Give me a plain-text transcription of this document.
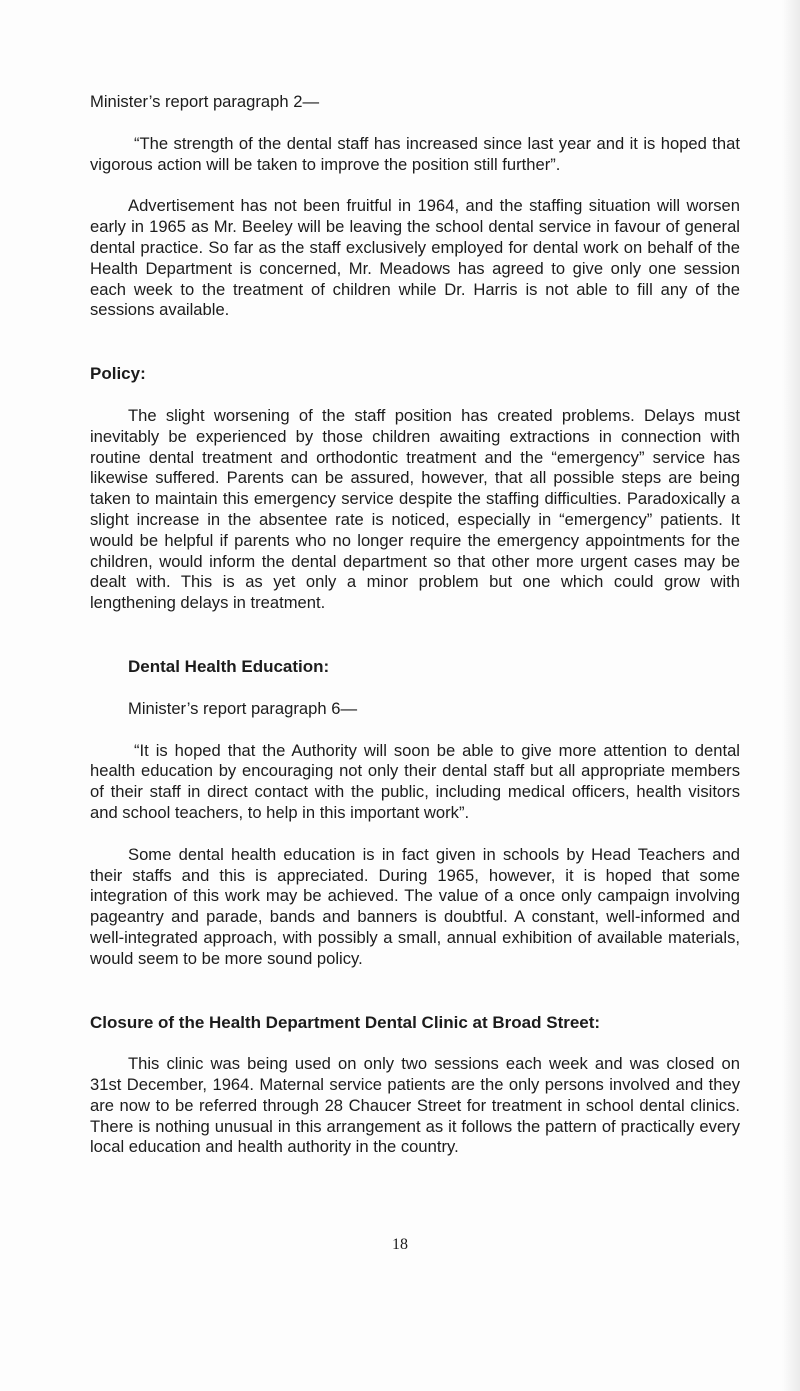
Minister’s report paragraph 2—

“The strength of the dental staff has increased since last year and it is hoped that vigorous action will be taken to improve the position still further”.

Advertisement has not been fruitful in 1964, and the staffing situation will worsen early in 1965 as Mr. Beeley will be leaving the school dental service in favour of general dental practice. So far as the staff exclusively employed for dental work on behalf of the Health Department is concerned, Mr. Meadows has agreed to give only one session each week to the treatment of children while Dr. Harris is not able to fill any of the sessions available.

Policy:

The slight worsening of the staff position has created problems. Delays must inevitably be experienced by those children awaiting extractions in connection with routine dental treatment and orthodontic treatment and the “emergency” service has likewise suffered. Parents can be assured, however, that all possible steps are being taken to maintain this emergency service despite the staffing difficulties. Paradoxically a slight increase in the absentee rate is noticed, especially in “emergency” patients. It would be helpful if parents who no longer require the emergency appointments for the children, would inform the dental department so that other more urgent cases may be dealt with. This is as yet only a minor problem but one which could grow with lengthening delays in treatment.

Dental Health Education:

Minister’s report paragraph 6—

“It is hoped that the Authority will soon be able to give more attention to dental health education by encouraging not only their dental staff but all appropriate members of their staff in direct contact with the public, including medical officers, health visitors and school teachers, to help in this important work”.

Some dental health education is in fact given in schools by Head Teachers and their staffs and this is appreciated. During 1965, however, it is hoped that some integration of this work may be achieved. The value of a once only campaign involving pageantry and parade, bands and banners is doubtful. A constant, well-informed and well-integrated approach, with possibly a small, annual exhibition of available materials, would seem to be more sound policy.

Closure of the Health Department Dental Clinic at Broad Street:

This clinic was being used on only two sessions each week and was closed on 31st December, 1964. Maternal service patients are the only persons involved and they are now to be referred through 28 Chaucer Street for treatment in school dental clinics. There is nothing unusual in this arrangement as it follows the pattern of practically every local education and health authority in the country.

18
